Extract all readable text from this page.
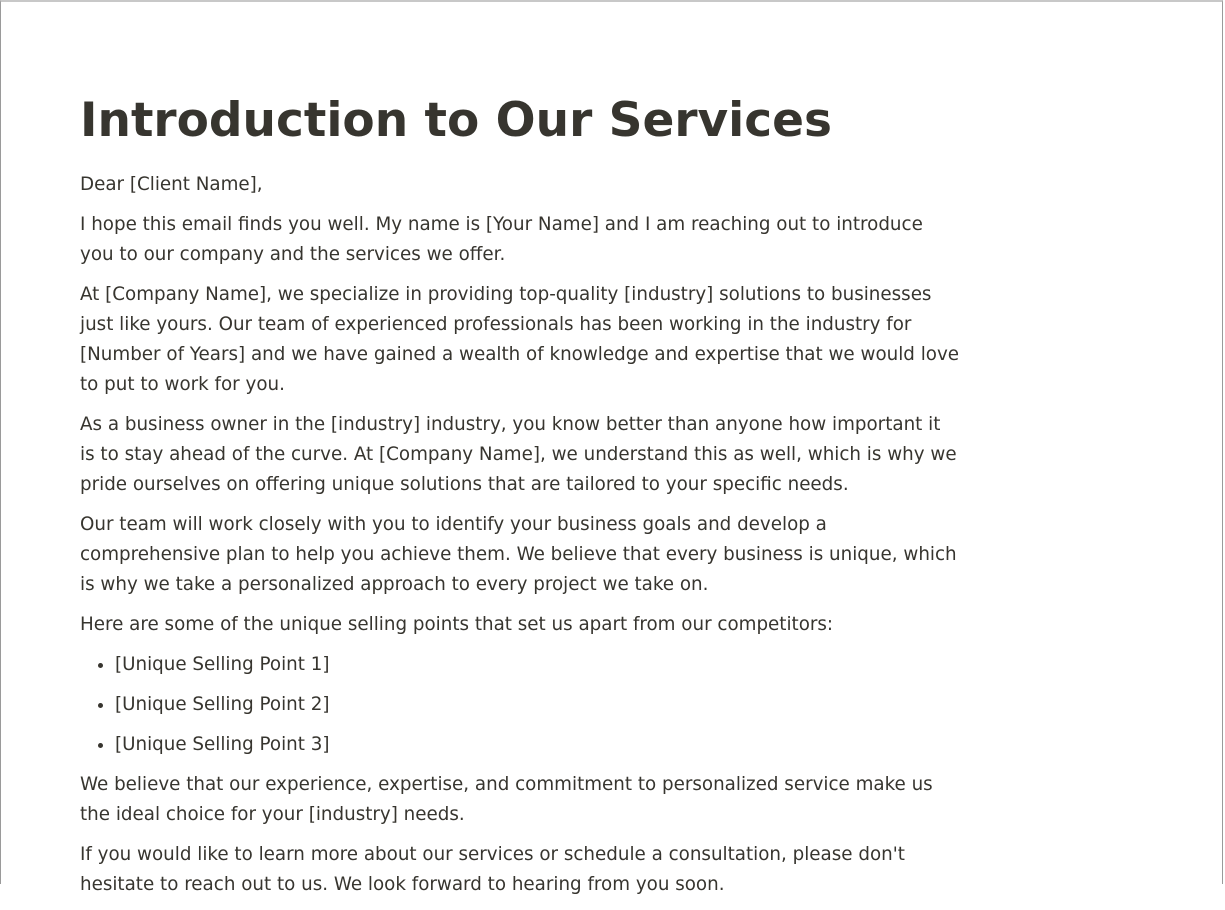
Introduction to Our Services

Dear [Client Name],

I hope this email finds you well. My name is [Your Name] and I am reaching out to introduce you to our company and the services we offer.

At [Company Name], we specialize in providing top-quality [industry] solutions to businesses just like yours. Our team of experienced professionals has been working in the industry for [Number of Years] and we have gained a wealth of knowledge and expertise that we would love to put to work for you.

As a business owner in the [industry] industry, you know better than anyone how important it is to stay ahead of the curve. At [Company Name], we understand this as well, which is why we pride ourselves on offering unique solutions that are tailored to your specific needs.

Our team will work closely with you to identify your business goals and develop a comprehensive plan to help you achieve them. We believe that every business is unique, which is why we take a personalized approach to every project we take on.

Here are some of the unique selling points that set us apart from our competitors:

• [Unique Selling Point 1]
• [Unique Selling Point 2]
• [Unique Selling Point 3]

We believe that our experience, expertise, and commitment to personalized service make us the ideal choice for your [industry] needs.

If you would like to learn more about our services or schedule a consultation, please don't hesitate to reach out to us. We look forward to hearing from you soon.
